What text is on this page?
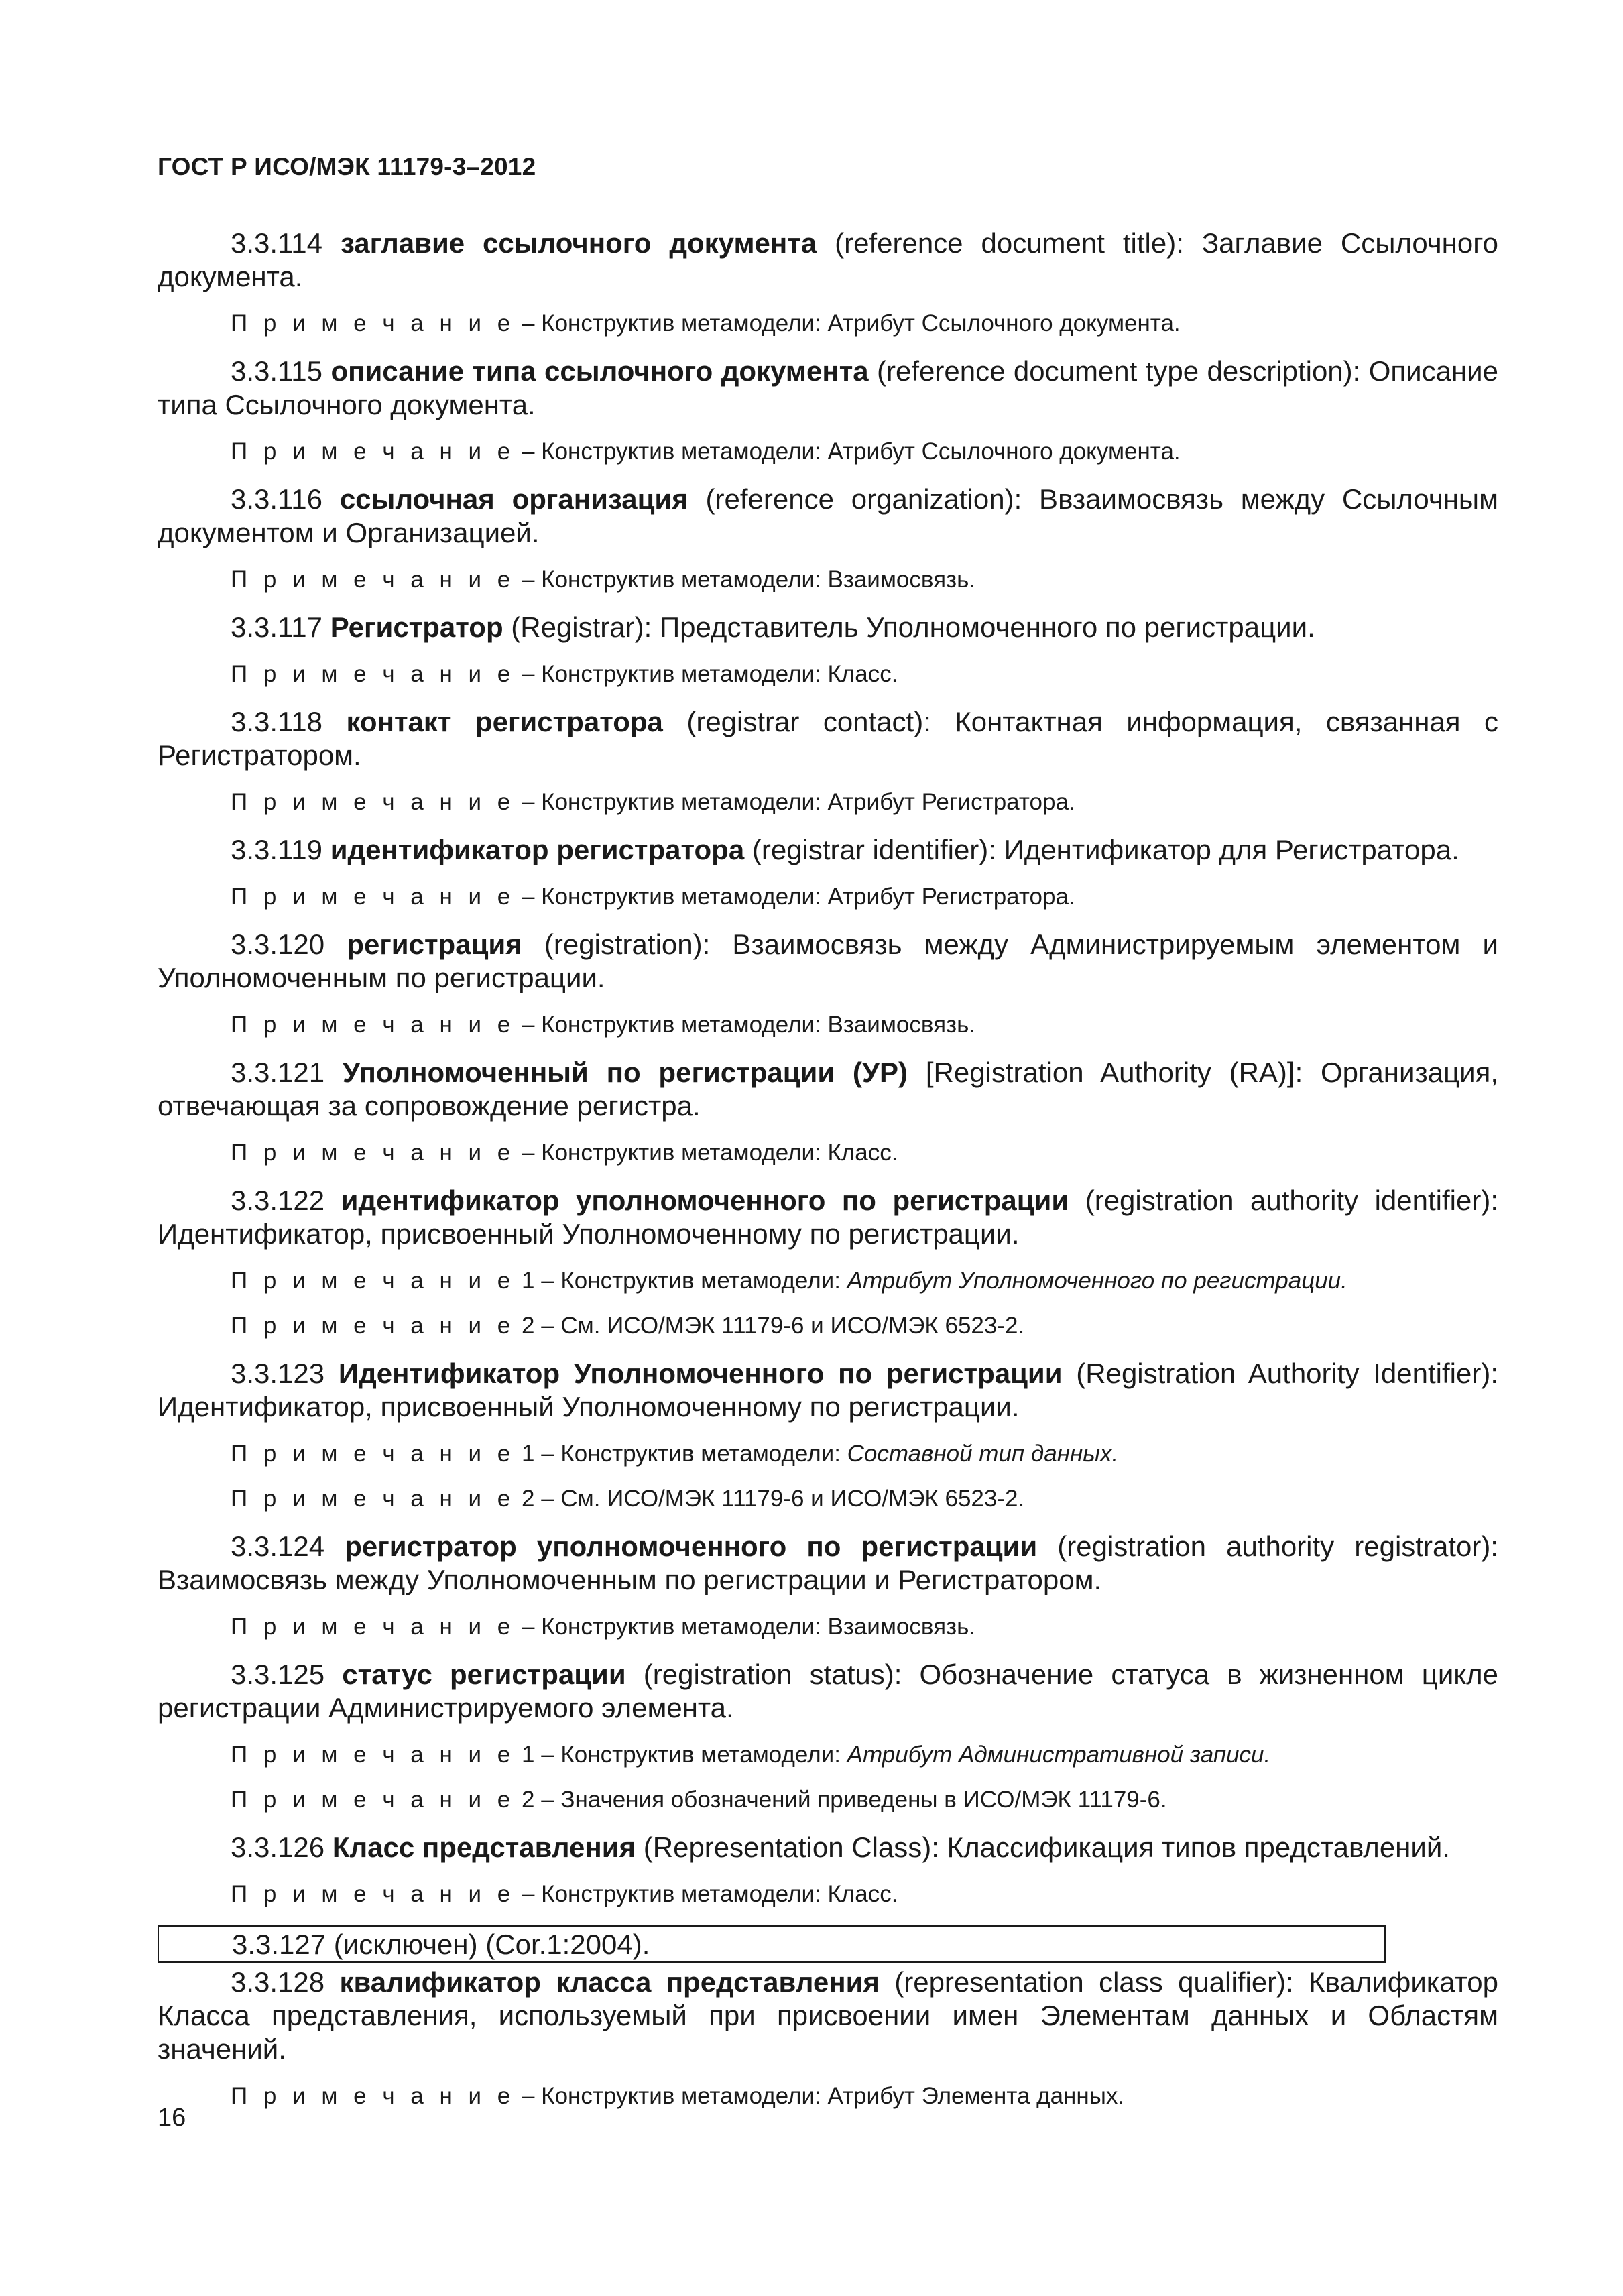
ГОСТ Р ИСО/МЭК 11179-3–2012

3.3.114 заглавие ссылочного документа (reference document title): Заглавие Ссылочного документа.

П р и м е ч а н и е – Конструктив метамодели: Атрибут Ссылочного документа.

3.3.115 описание типа ссылочного документа (reference document type description): Описание типа Ссылочного документа.

П р и м е ч а н и е – Конструктив метамодели: Атрибут Ссылочного документа.

3.3.116 ссылочная организация (reference organization): Ввзаимосвязь между Ссылочным документом и Организацией.

П р и м е ч а н и е – Конструктив метамодели: Взаимосвязь.

3.3.117 Регистратор (Registrar): Представитель Уполномоченного по регистрации.

П р и м е ч а н и е – Конструктив метамодели: Класс.

3.3.118 контакт регистратора (registrar contact): Контактная информация, связанная с Регистратором.

П р и м е ч а н и е – Конструктив метамодели: Атрибут Регистратора.

3.3.119 идентификатор регистратора (registrar identifier): Идентификатор для Регистратора.

П р и м е ч а н и е – Конструктив метамодели: Атрибут Регистратора.

3.3.120 регистрация (registration): Взаимосвязь между Администрируемым элементом и Уполномоченным по регистрации.

П р и м е ч а н и е – Конструктив метамодели: Взаимосвязь.

3.3.121 Уполномоченный по регистрации (УР) [Registration Authority (RA)]: Организация, отвечающая за сопровождение регистра.

П р и м е ч а н и е – Конструктив метамодели: Класс.

3.3.122 идентификатор уполномоченного по регистрации (registration authority identifier): Идентификатор, присвоенный Уполномоченному по регистрации.

П р и м е ч а н и е 1 – Конструктив метамодели: Атрибут Уполномоченного по регистрации.

П р и м е ч а н и е 2 – См. ИСО/МЭК 11179-6 и ИСО/МЭК 6523-2.

3.3.123 Идентификатор Уполномоченного по регистрации (Registration Authority Identifier): Идентификатор, присвоенный Уполномоченному по регистрации.

П р и м е ч а н и е 1 – Конструктив метамодели: Составной тип данных.

П р и м е ч а н и е 2 – См. ИСО/МЭК 11179-6 и ИСО/МЭК 6523-2.

3.3.124 регистратор уполномоченного по регистрации (registration authority registrator): Взаимосвязь между Уполномоченным по регистрации и Регистратором.

П р и м е ч а н и е – Конструктив метамодели: Взаимосвязь.

3.3.125 статус регистрации (registration status): Обозначение статуса в жизненном цикле регистрации Администрируемого элемента.

П р и м е ч а н и е 1 – Конструктив метамодели: Атрибут Административной записи.

П р и м е ч а н и е 2 – Значения обозначений приведены в ИСО/МЭК 11179-6.

3.3.126 Класс представления (Representation Class): Классификация типов представлений.

П р и м е ч а н и е – Конструктив метамодели: Класс.

3.3.127 (исключен) (Cor.1:2004).

3.3.128 квалификатор класса представления (representation class qualifier): Квалификатор Класса представления, используемый при присвоении имен Элементам данных и Областям значений.

П р и м е ч а н и е – Конструктив метамодели: Атрибут Элемента данных.

16
